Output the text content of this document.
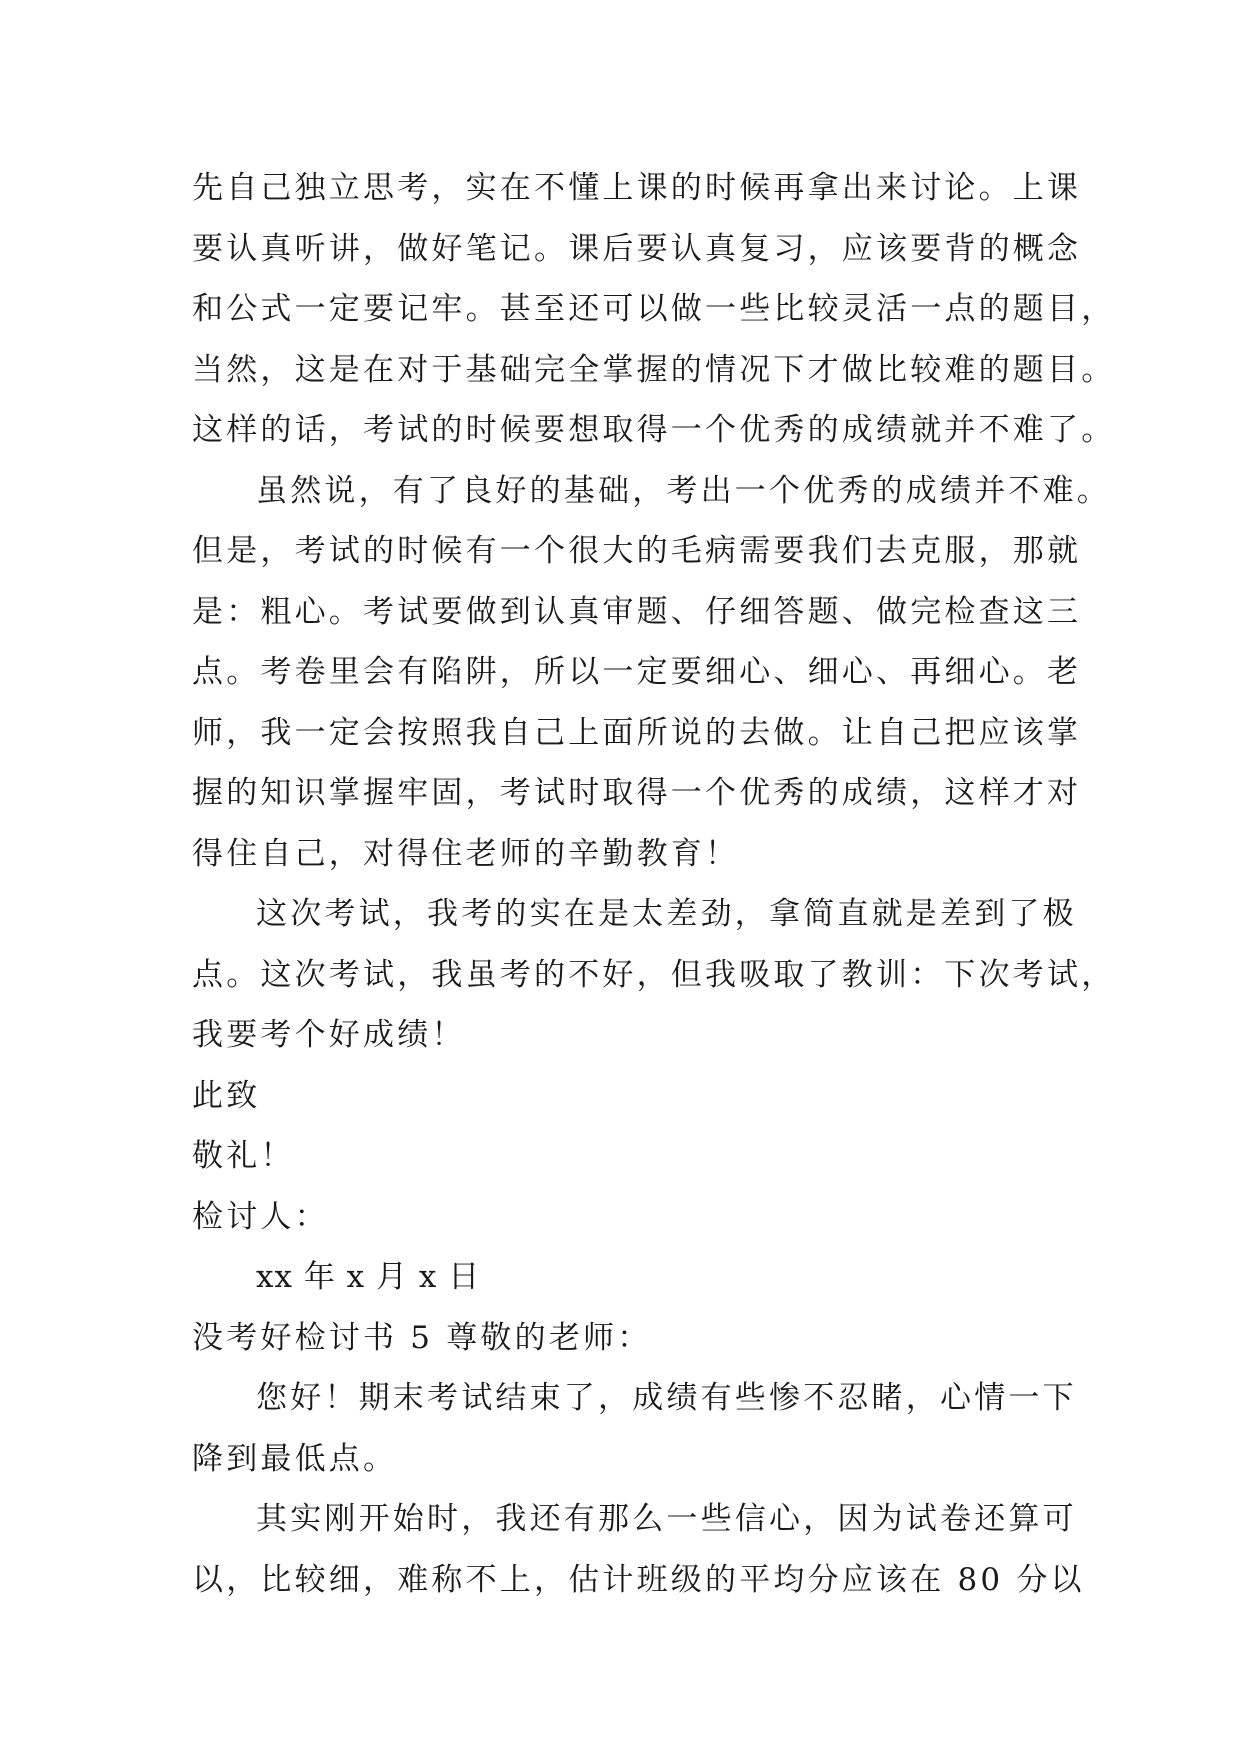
先自己独立思考，实在不懂上课的时候再拿出来讨论。上课
要认真听讲，做好笔记。课后要认真复习，应该要背的概念
和公式一定要记牢。甚至还可以做一些比较灵活一点的题目，
当然，这是在对于基础完全掌握的情况下才做比较难的题目。
这样的话，考试的时候要想取得一个优秀的成绩就并不难了。
虽然说，有了良好的基础，考出一个优秀的成绩并不难。
但是，考试的时候有一个很大的毛病需要我们去克服，那就
是：粗心。考试要做到认真审题、仔细答题、做完检查这三
点。考卷里会有陷阱，所以一定要细心、细心、再细心。老
师，我一定会按照我自己上面所说的去做。让自己把应该掌
握的知识掌握牢固，考试时取得一个优秀的成绩，这样才对
得住自己，对得住老师的辛勤教育！
这次考试，我考的实在是太差劲，拿简直就是差到了极
点。这次考试，我虽考的不好，但我吸取了教训：下次考试，
我要考个好成绩！
此致
敬礼！
检讨人：
xx 年 x 月 x 日
没考好检讨书 5 尊敬的老师：
您好！期末考试结束了，成绩有些惨不忍睹，心情一下
降到最低点。
其实刚开始时，我还有那么一些信心，因为试卷还算可
以，比较细，难称不上，估计班级的平均分应该在 80 分以
